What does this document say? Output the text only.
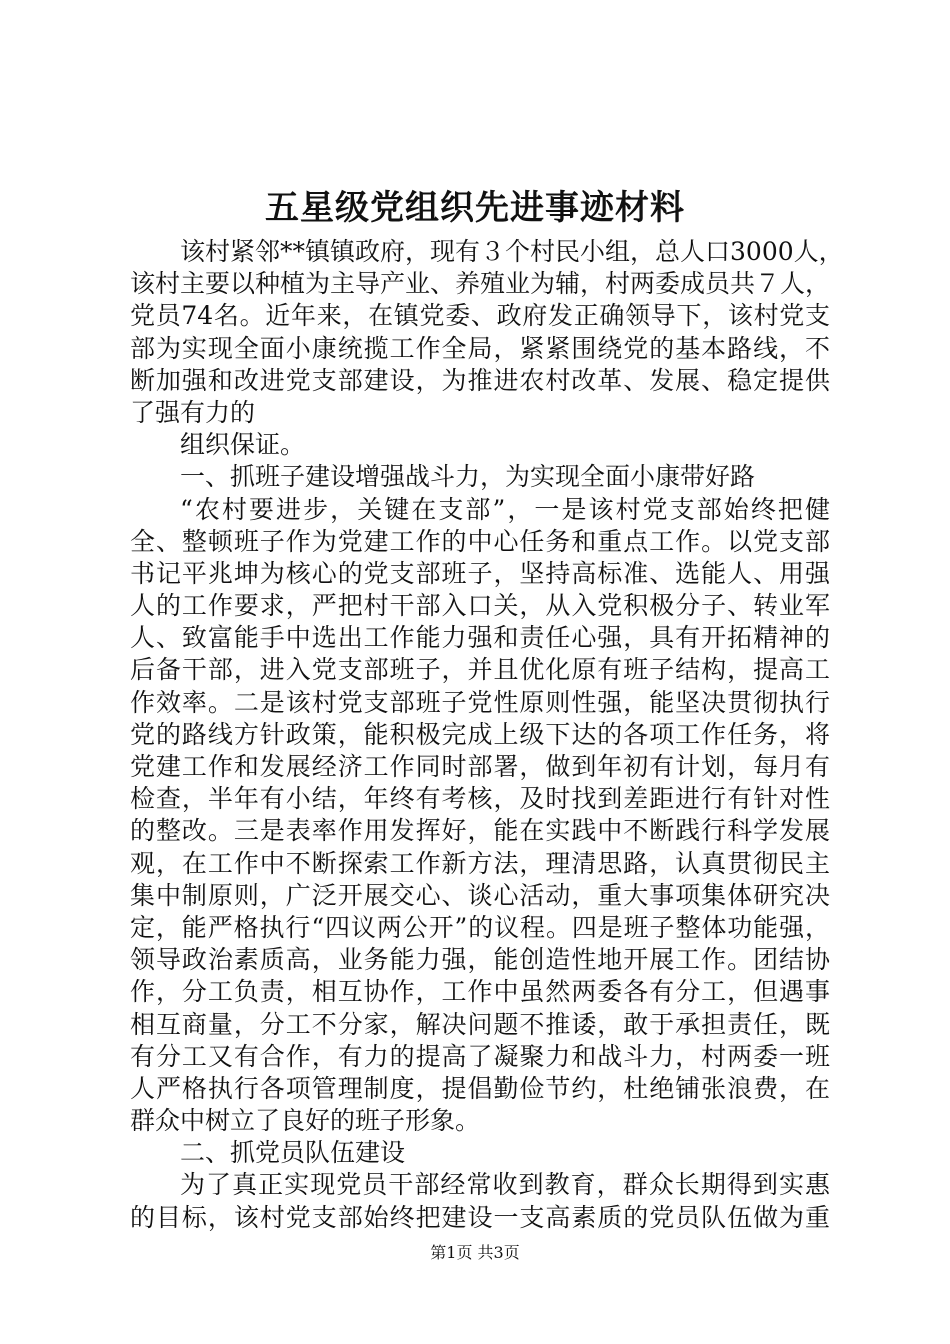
五星级党组织先进事迹材料
该村紧邻**镇镇政府，现有３个村民小组，总人口3000人，
该村主要以种植为主导产业、养殖业为辅，村两委成员共７人，
党员74名。近年来，在镇党委、政府发正确领导下，该村党支
部为实现全面小康统揽工作全局，紧紧围绕党的基本路线，不
断加强和改进党支部建设，为推进农村改革、发展、稳定提供
了强有力的
组织保证。
一、抓班子建设增强战斗力，为实现全面小康带好路
“农村要进步，关键在支部”，一是该村党支部始终把健
全、整顿班子作为党建工作的中心任务和重点工作。以党支部
书记平兆坤为核心的党支部班子，坚持高标准、选能人、用强
人的工作要求，严把村干部入口关，从入党积极分子、转业军
人、致富能手中选出工作能力强和责任心强，具有开拓精神的
后备干部，进入党支部班子，并且优化原有班子结构，提高工
作效率。二是该村党支部班子党性原则性强，能坚决贯彻执行
党的路线方针政策，能积极完成上级下达的各项工作任务，将
党建工作和发展经济工作同时部署，做到年初有计划，每月有
检查，半年有小结，年终有考核，及时找到差距进行有针对性
的整改。三是表率作用发挥好，能在实践中不断践行科学发展
观，在工作中不断探索工作新方法，理清思路，认真贯彻民主
集中制原则，广泛开展交心、谈心活动，重大事项集体研究决
定，能严格执行“四议两公开”的议程。四是班子整体功能强，
领导政治素质高，业务能力强，能创造性地开展工作。团结协
作，分工负责，相互协作，工作中虽然两委各有分工，但遇事
相互商量，分工不分家，解决问题不推诿，敢于承担责任，既
有分工又有合作，有力的提高了凝聚力和战斗力，村两委一班
人严格执行各项管理制度，提倡勤俭节约，杜绝铺张浪费，在
群众中树立了良好的班子形象。
二、抓党员队伍建设
为了真正实现党员干部经常收到教育，群众长期得到实惠
的目标，该村党支部始终把建设一支高素质的党员队伍做为重
第1页 共3页
